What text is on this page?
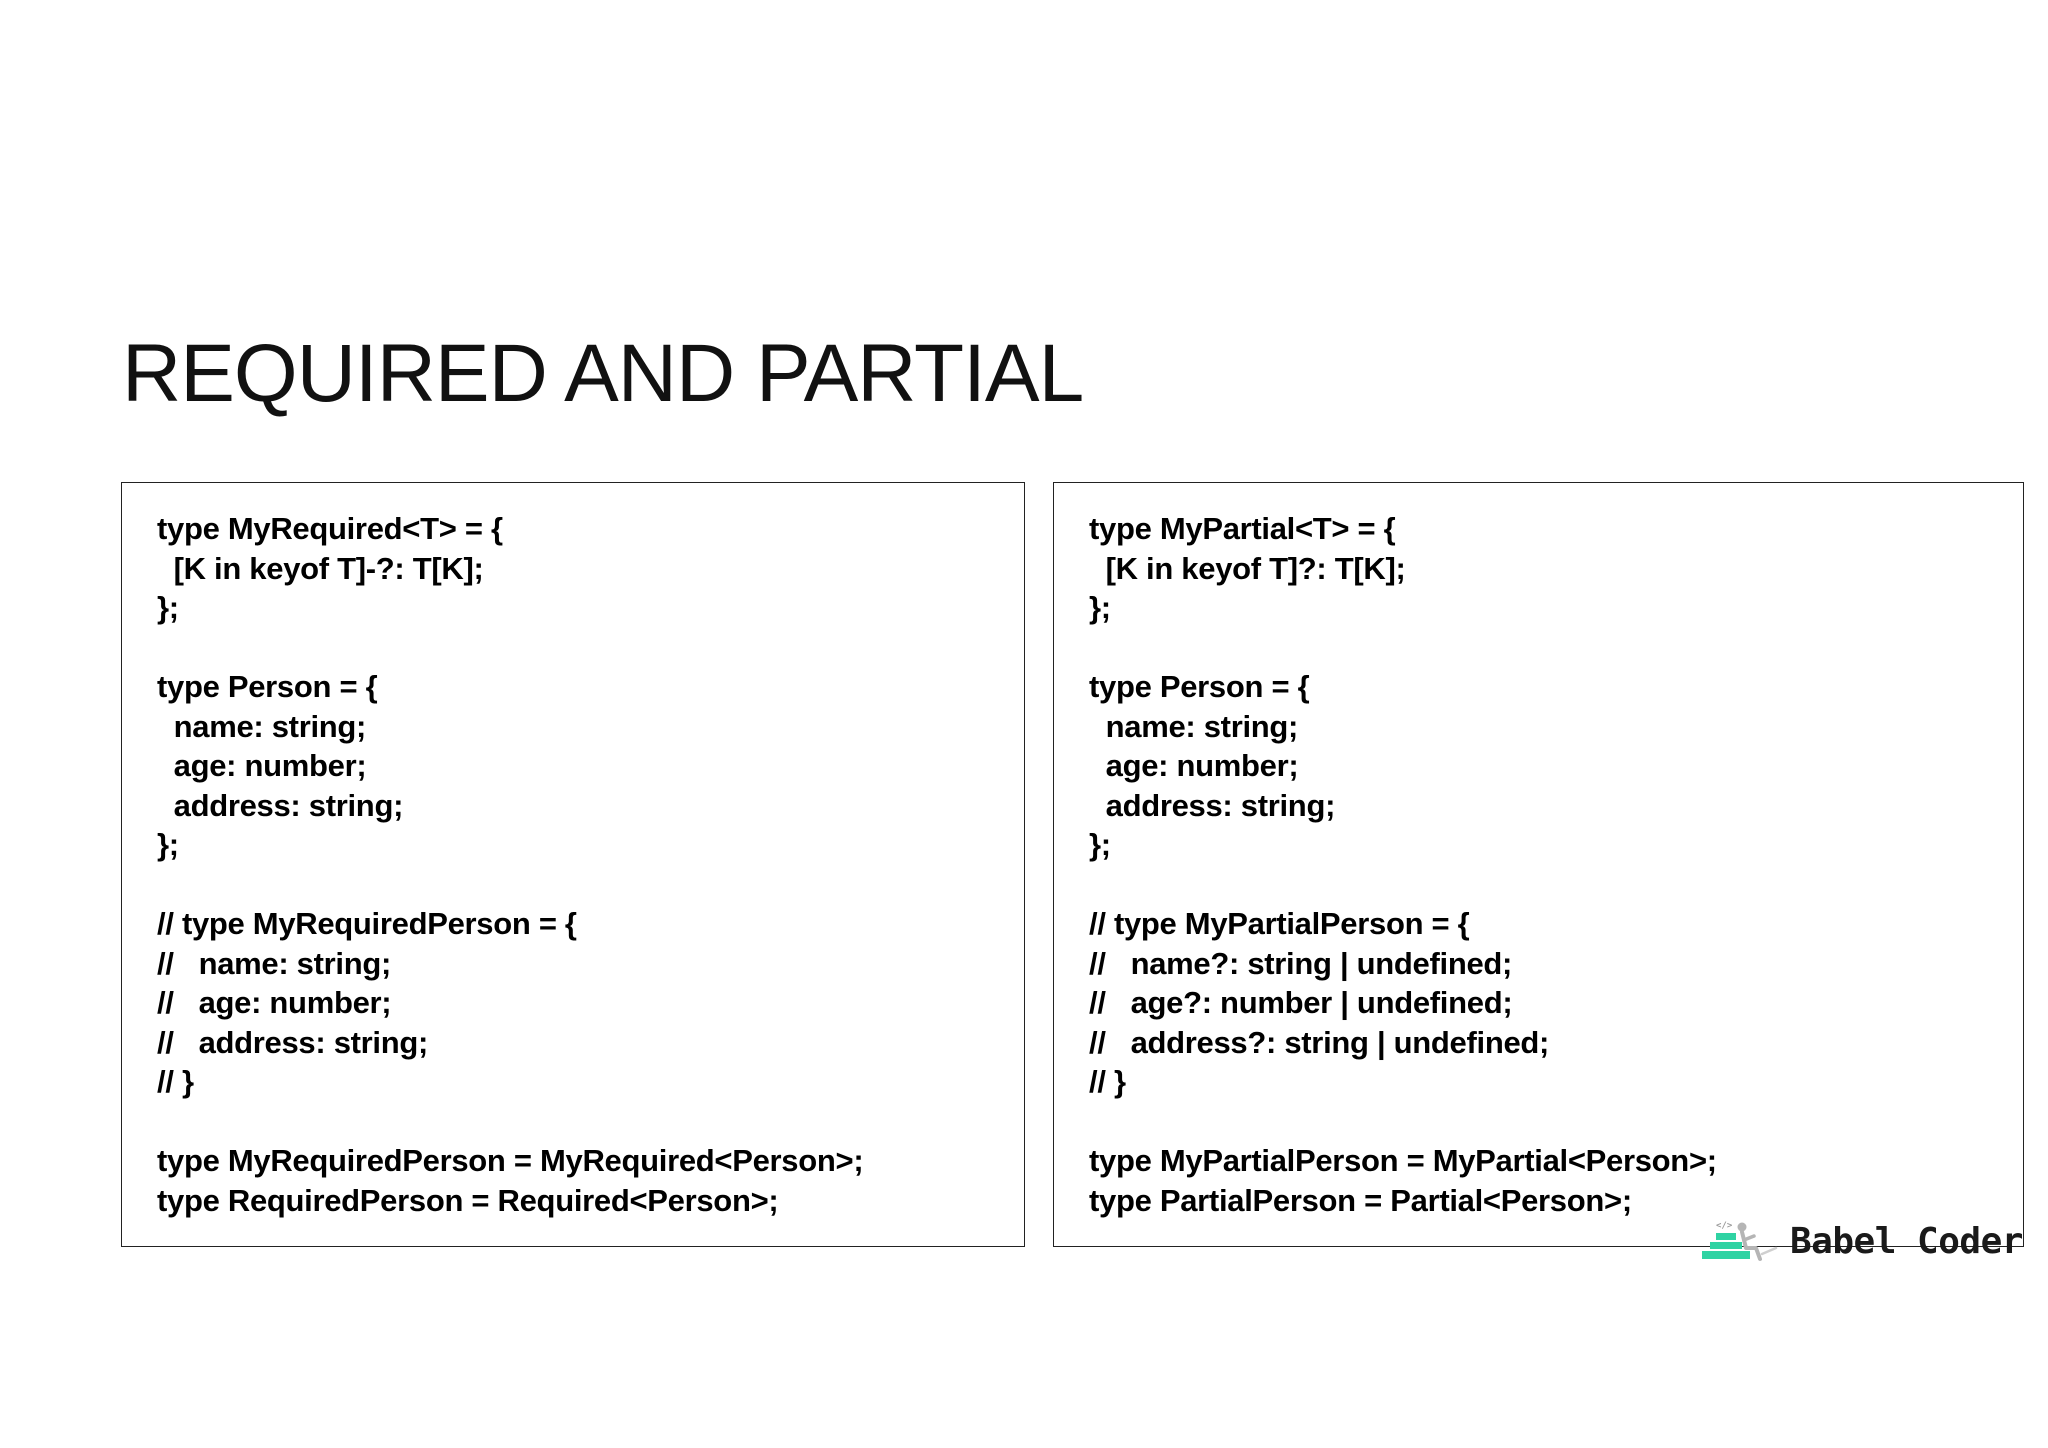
REQUIRED AND PARTIAL
type MyRequired<T> = {
[K in keyof T]-?: T[K];
};
type Person = {
name: string;
age: number;
address: string;
};
// type MyRequiredPerson = {
//   name: string;
//   age: number;
//   address: string;
// }
type MyRequiredPerson = MyRequired<Person>;
type RequiredPerson = Required<Person>;
type MyPartial<T> = {
[K in keyof T]?: T[K];
};
type Person = {
name: string;
age: number;
address: string;
};
// type MyPartialPerson = {
//   name?: string | undefined;
//   age?: number | undefined;
//   address?: string | undefined;
// }
type MyPartialPerson = MyPartial<Person>;
type PartialPerson = Partial<Person>;
</> Babel Coder
